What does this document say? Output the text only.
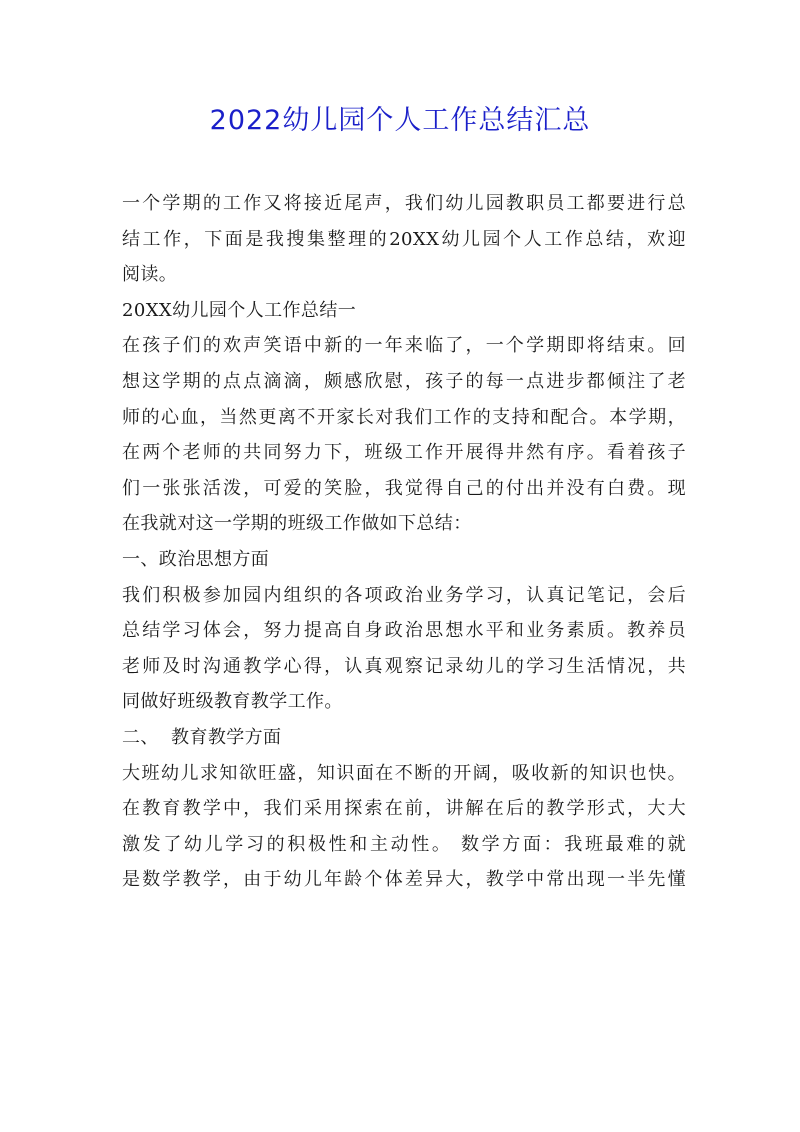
2022幼儿园个人工作总结汇总
一个学期的工作又将接近尾声，我们幼儿园教职员工都要进行总
结工作，下面是我搜集整理的20XX幼儿园个人工作总结，欢迎
阅读。
20XX幼儿园个人工作总结一
在孩子们的欢声笑语中新的一年来临了，一个学期即将结束。回
想这学期的点点滴滴，颇感欣慰，孩子的每一点进步都倾注了老
师的心血，当然更离不开家长对我们工作的支持和配合。本学期，
在两个老师的共同努力下，班级工作开展得井然有序。看着孩子
们一张张活泼，可爱的笑脸，我觉得自己的付出并没有白费。现
在我就对这一学期的班级工作做如下总结：
一、政治思想方面
我们积极参加园内组织的各项政治业务学习，认真记笔记，会后
总结学习体会，努力提高自身政治思想水平和业务素质。教养员
老师及时沟通教学心得，认真观察记录幼儿的学习生活情况，共
同做好班级教育教学工作。
二、  教育教学方面
大班幼儿求知欲旺盛，知识面在不断的开阔，吸收新的知识也快。
在教育教学中，我们采用探索在前，讲解在后的教学形式，大大
激发了幼儿学习的积极性和主动性。 数学方面：我班最难的就
是数学教学，由于幼儿年龄个体差异大，教学中常出现一半先懂
